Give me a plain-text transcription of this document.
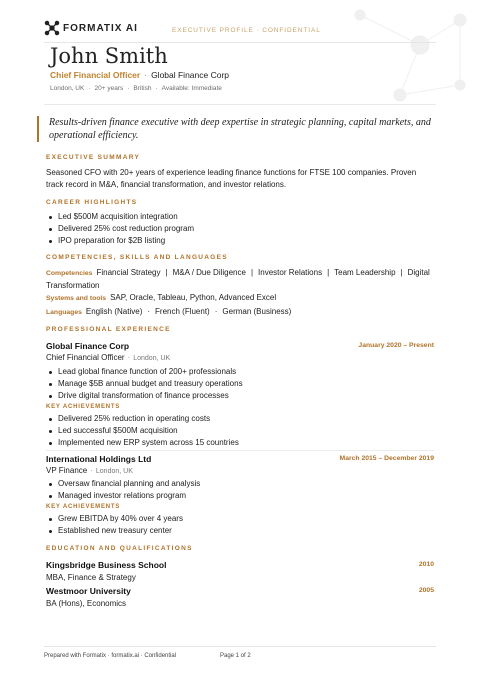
FORMATIX AI	EXECUTIVE PROFILE · CONFIDENTIAL
John Smith
Chief Financial Officer · Global Finance Corp
London, UK · 20+ years · British · Available: Immediate
Results-driven finance executive with deep expertise in strategic planning, capital markets, and operational efficiency.
EXECUTIVE SUMMARY
Seasoned CFO with 20+ years of experience leading finance functions for FTSE 100 companies. Proven track record in M&A, financial transformation, and investor relations.
CAREER HIGHLIGHTS
Led $500M acquisition integration
Delivered 25% cost reduction program
IPO preparation for $2B listing
COMPETENCIES, SKILLS AND LANGUAGES
Competencies Financial Strategy | M&A / Due Diligence | Investor Relations | Team Leadership | Digital Transformation
Systems and tools SAP, Oracle, Tableau, Python, Advanced Excel
Languages English (Native) · French (Fluent) · German (Business)
PROFESSIONAL EXPERIENCE
Global Finance Corp	January 2020 – Present
Chief Financial Officer · London, UK
Lead global finance function of 200+ professionals
Manage $5B annual budget and treasury operations
Drive digital transformation of finance processes
KEY ACHIEVEMENTS
Delivered 25% reduction in operating costs
Led successful $500M acquisition
Implemented new ERP system across 15 countries
International Holdings Ltd	March 2015 – December 2019
VP Finance · London, UK
Oversaw financial planning and analysis
Managed investor relations program
KEY ACHIEVEMENTS
Grew EBITDA by 40% over 4 years
Established new treasury center
EDUCATION AND QUALIFICATIONS
Kingsbridge Business School	2010
MBA, Finance & Strategy
Westmoor University	2005
BA (Hons), Economics
Prepared with Formatix · formatix.ai · Confidential	Page 1 of 2
